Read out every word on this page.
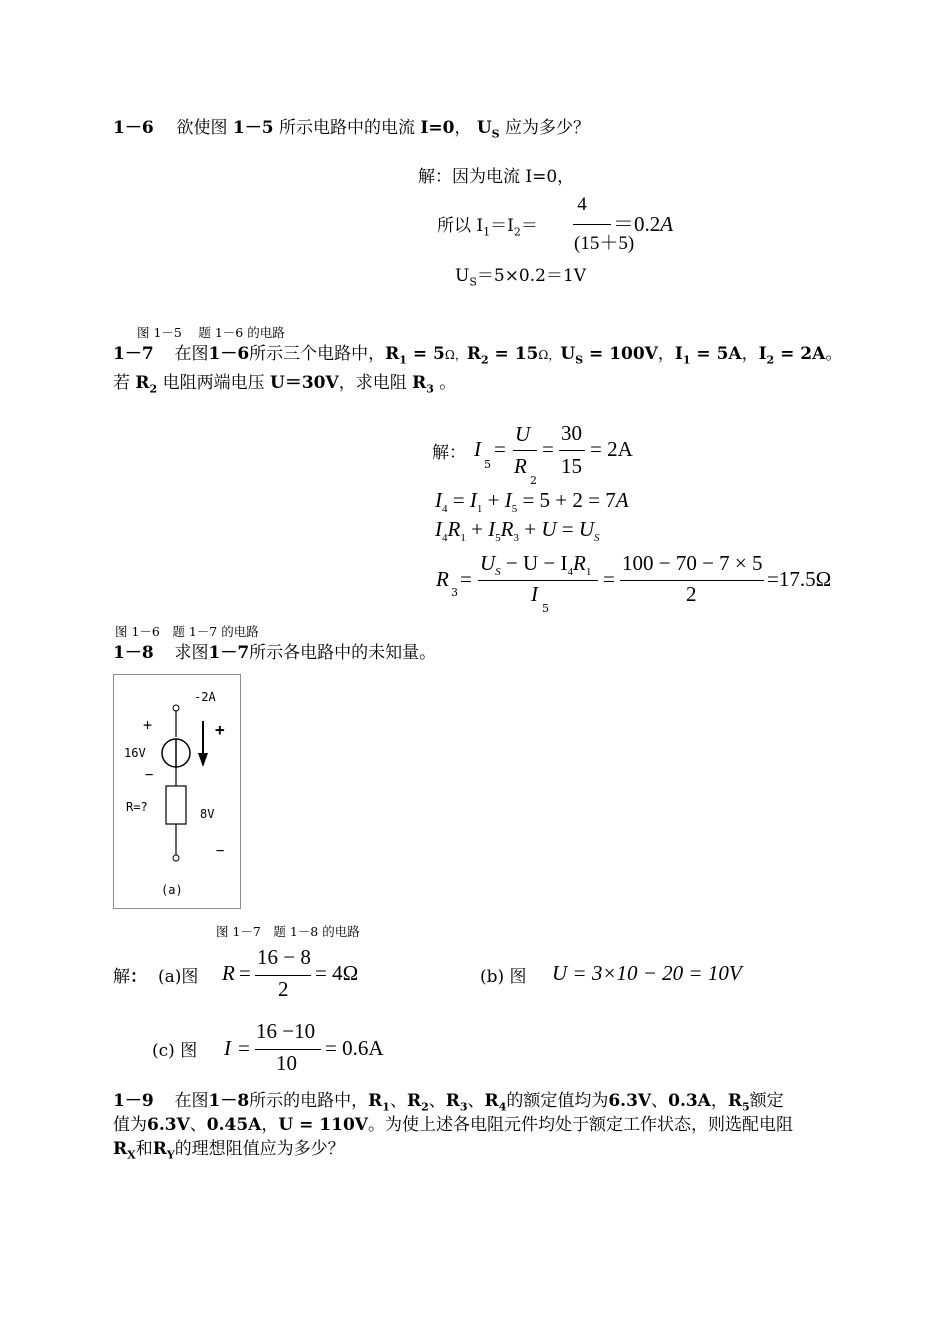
1－6 欲使图 1－5 所示电路中的电流 I=0， $U_S$ 应为多少？
解：因为电流 I=0，
所以 $I_1=I_2=$
4
(15＋5)
＝0.2A
$U_S=5\times 0.2=1V$
图 1－5　 题 1－6 的电路
1－7 在图1－6所示三个电路中，$R_1 = 5\Omega$，$R_2 = 15\Omega$，$U_S = 100V$，$I_1 = 5A$，$I_2 = 2A$。
若 $R_2$ 电阻两端电压 U＝30V，求电阻 $R_3$ 。
解： I
5
=
U
R
2
=
30
15
= 2A
$I_4 = I_1 + I_5 = 5 + 2 = 7A$
$I_4R_1 + I_5R_3 + U = U_S$
R
3
=
$U_S - U - I_4R_1$
I
5
=
100 − 70 − 7 × 5
2
=17.5Ω
图 1－6　题 1－7 的电路
1－8 求图1－7所示各电路中的未知量。
-2A
+	+
16V
−
R=?	8V
−
(a)
图 1－7　题 1－8 的电路
解： (a)图 R =
16 − 8
2
= 4Ω	(b) 图 U = 3×10 − 20 = 10V
(c) 图 I =
16 −10
10
= 0.6A
1－9 在图1－8所示的电路中，$R_1$、$R_2$、$R_3$、$R_4$的额定值均为6.3V、0.3A，$R_5$额定
值为6.3V、0.45A，U = 110V。为使上述各电阻元件均处于额定工作状态，则选配电阻
$R_X$和$R_Y$的理想阻值应为多少？
